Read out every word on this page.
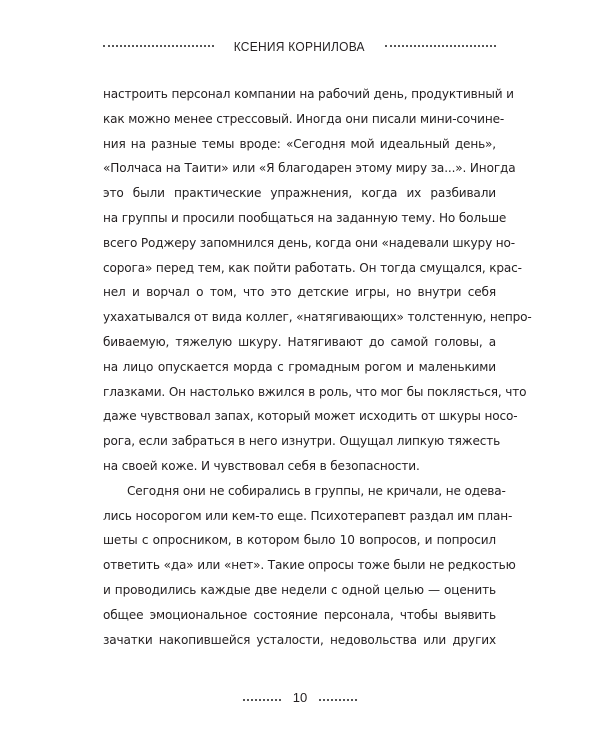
КСЕНИЯ КОРНИЛОВА
настроить персонал компании на рабочий день, продуктивный и
как можно менее стрессовый. Иногда они писали мини-сочине-
ния на разные темы вроде: «Сегодня мой идеальный день»,
«Полчаса на Таити» или «Я благодарен этому миру за...». Иногда
это были практические упражнения, когда их разбивали
на группы и просили пообщаться на заданную тему. Но больше
всего Роджеру запомнился день, когда они «надевали шкуру но-
сорога» перед тем, как пойти работать. Он тогда смущался, крас-
нел и ворчал о том, что это детские игры, но внутри себя
ухахатывался от вида коллег, «натягивающих» толстенную, непро-
биваемую, тяжелую шкуру. Натягивают до самой головы, а
на лицо опускается морда с громадным рогом и маленькими
глазками. Он настолько вжился в роль, что мог бы поклясться, что
даже чувствовал запах, который может исходить от шкуры носо-
рога, если забраться в него изнутри. Ощущал липкую тяжесть
на своей коже. И чувствовал себя в безопасности.
Сегодня они не собирались в группы, не кричали, не одева-
лись носорогом или кем-то еще. Психотерапевт раздал им план-
шеты с опросником, в котором было 10 вопросов, и попросил
ответить «да» или «нет». Такие опросы тоже были не редкостью
и проводились каждые две недели с одной целью — оценить
общее эмоциональное состояние персонала, чтобы выявить
зачатки накопившейся усталости, недовольства или других
10
